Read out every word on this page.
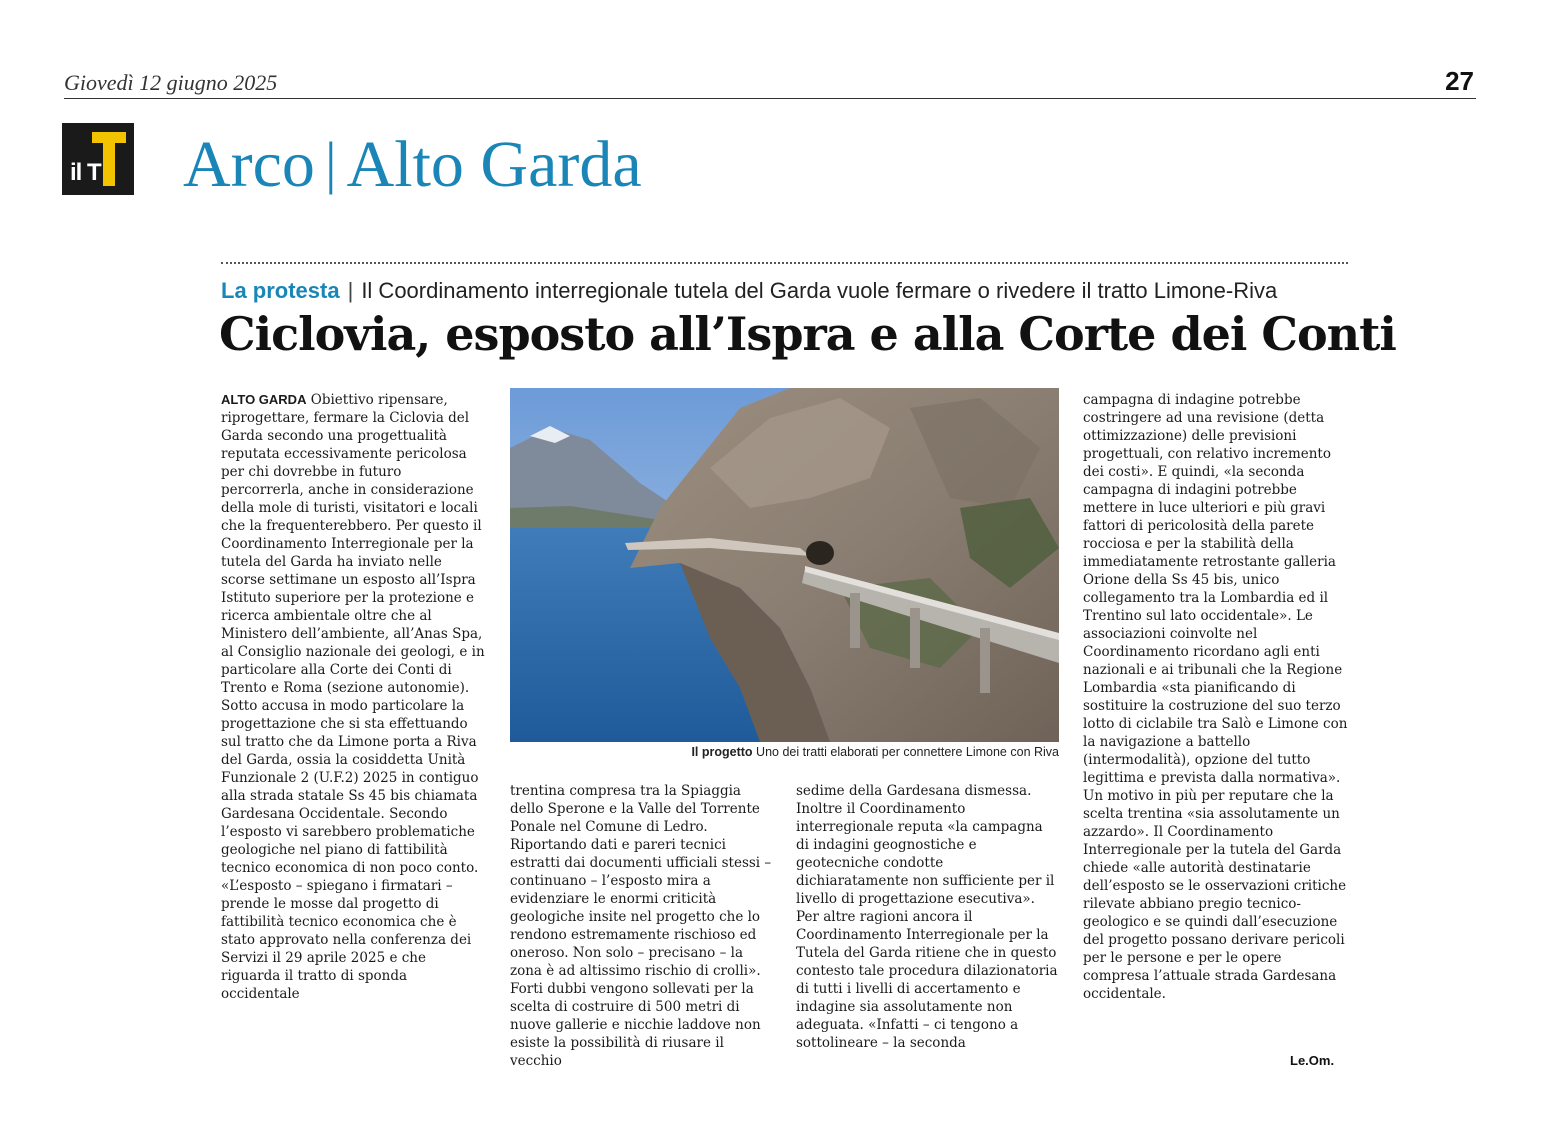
Giovedì 12 giugno 2025	27
il T Arco | Alto Garda
La protesta | Il Coordinamento interregionale tutela del Garda vuole fermare o rivedere il tratto Limone-Riva
Ciclovia, esposto all’Ispra e alla Corte dei Conti
ALTO GARDA Obiettivo ripensare, riprogettare, fermare la Ciclovia del Garda secondo una progettualità reputata eccessivamente pericolosa per chi dovrebbe in futuro percorrerla, anche in considerazione della mole di turisti, visitatori e locali che la frequenterebbero. Per questo il Coordinamento Interregionale per la tutela del Garda ha inviato nelle scorse settimane un esposto all’Ispra Istituto superiore per la protezione e ricerca ambientale oltre che al Ministero dell’ambiente, all’Anas Spa, al Consiglio nazionale dei geologi, e in particolare alla Corte dei Conti di Trento e Roma (sezione autonomie). Sotto accusa in modo particolare la progettazione che si sta effettuando sul tratto che da Limone porta a Riva del Garda, ossia la cosiddetta Unità Funzionale 2 (U.F.2) 2025 in contiguo alla strada statale Ss 45 bis chiamata Gardesana Occidentale. Secondo l’esposto vi sarebbero problematiche geologiche nel piano di fattibilità tecnico economica di non poco conto. «L’esposto – spiegano i firmatari – prende le mosse dal progetto di fattibilità tecnico economica che è stato approvato nella conferenza dei Servizi il 29 aprile 2025 e che riguarda il tratto di sponda occidentale
Il progetto Uno dei tratti elaborati per connettere Limone con Riva
trentina compresa tra la Spiaggia dello Sperone e la Valle del Torrente Ponale nel Comune di Ledro. Riportando dati e pareri tecnici estratti dai documenti ufficiali stessi – continuano – l’esposto mira a evidenziare le enormi criticità geologiche insite nel progetto che lo rendono estremamente rischioso ed oneroso. Non solo – precisano – la zona è ad altissimo rischio di crolli». Forti dubbi vengono sollevati per la scelta di costruire di 500 metri di nuove gallerie e nicchie laddove non esiste la possibilità di riusare il vecchio
sedime della Gardesana dismessa. Inoltre il Coordinamento interregionale reputa «la campagna di indagini geognostiche e geotecniche condotte dichiaratamente non sufficiente per il livello di progettazione esecutiva». Per altre ragioni ancora il Coordinamento Interregionale per la Tutela del Garda ritiene che in questo contesto tale procedura dilazionatoria di tutti i livelli di accertamento e indagine sia assolutamente non adeguata. «Infatti – ci tengono a sottolineare – la seconda
campagna di indagine potrebbe costringere ad una revisione (detta ottimizzazione) delle previsioni progettuali, con relativo incremento dei costi». E quindi, «la seconda campagna di indagini potrebbe mettere in luce ulteriori e più gravi fattori di pericolosità della parete rocciosa e per la stabilità della immediatamente retrostante galleria Orione della Ss 45 bis, unico collegamento tra la Lombardia ed il Trentino sul lato occidentale». Le associazioni coinvolte nel Coordinamento ricordano agli enti nazionali e ai tribunali che la Regione Lombardia «sta pianificando di sostituire la costruzione del suo terzo lotto di ciclabile tra Salò e Limone con la navigazione a battello (intermodalità), opzione del tutto legittima e prevista dalla normativa». Un motivo in più per reputare che la scelta trentina «sia assolutamente un azzardo». Il Coordinamento Interregionale per la tutela del Garda chiede «alle autorità destinatarie dell’esposto se le osservazioni critiche rilevate abbiano pregio tecnico-geologico e se quindi dall’esecuzione del progetto possano derivare pericoli per le persone e per le opere compresa l’attuale strada Gardesana occidentale.
Le.Om.
